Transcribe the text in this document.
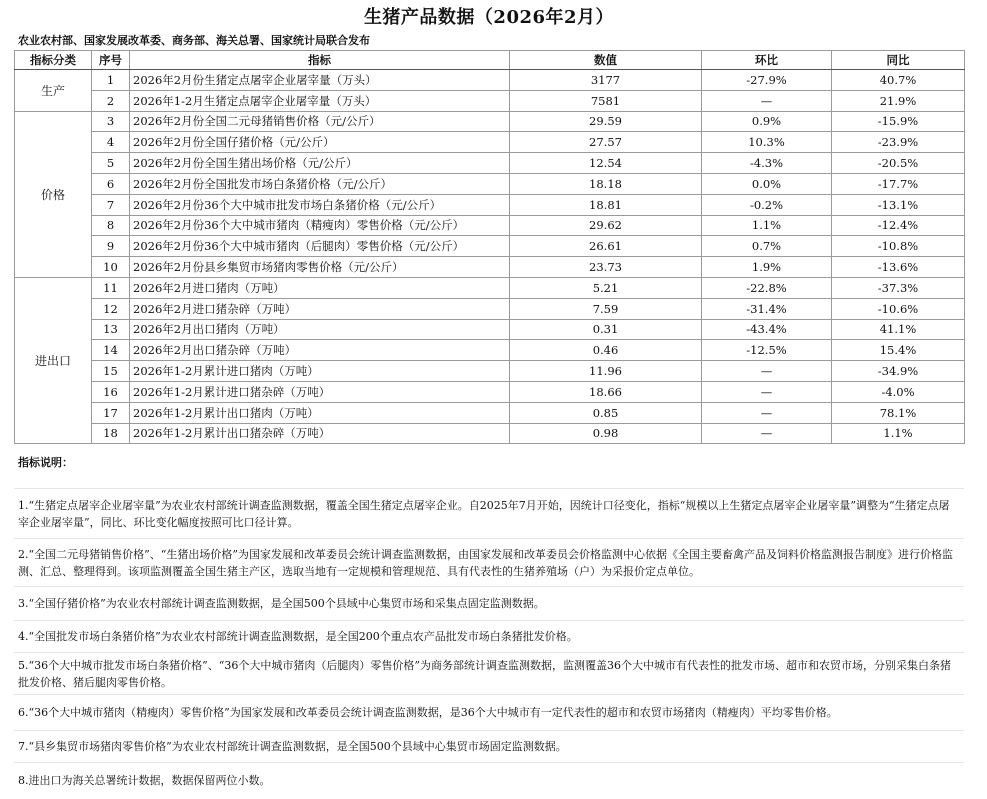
生猪产品数据（2026年2月）
农业农村部、国家发展改革委、商务部、海关总署、国家统计局联合发布
指标分类	序号	指标	数值	环比	同比
生产	1	2026年2月份生猪定点屠宰企业屠宰量（万头）	3177	-27.9%	40.7%
	2	2026年1-2月生猪定点屠宰企业屠宰量（万头）	7581	—	21.9%
价格	3	2026年2月份全国二元母猪销售价格（元/公斤）	29.59	0.9%	-15.9%
	4	2026年2月份全国仔猪价格（元/公斤）	27.57	10.3%	-23.9%
	5	2026年2月份全国生猪出场价格（元/公斤）	12.54	-4.3%	-20.5%
	6	2026年2月份全国批发市场白条猪价格（元/公斤）	18.18	0.0%	-17.7%
	7	2026年2月份36个大中城市批发市场白条猪价格（元/公斤）	18.81	-0.2%	-13.1%
	8	2026年2月份36个大中城市猪肉（精瘦肉）零售价格（元/公斤）	29.62	1.1%	-12.4%
	9	2026年2月份36个大中城市猪肉（后腿肉）零售价格（元/公斤）	26.61	0.7%	-10.8%
	10	2026年2月份县乡集贸市场猪肉零售价格（元/公斤）	23.73	1.9%	-13.6%
进出口	11	2026年2月进口猪肉（万吨）	5.21	-22.8%	-37.3%
	12	2026年2月进口猪杂碎（万吨）	7.59	-31.4%	-10.6%
	13	2026年2月出口猪肉（万吨）	0.31	-43.4%	41.1%
	14	2026年2月出口猪杂碎（万吨）	0.46	-12.5%	15.4%
	15	2026年1-2月累计进口猪肉（万吨）	11.96	—	-34.9%
	16	2026年1-2月累计进口猪杂碎（万吨）	18.66	—	-4.0%
	17	2026年1-2月累计出口猪肉（万吨）	0.85	—	78.1%
	18	2026年1-2月累计出口猪杂碎（万吨）	0.98	—	1.1%
指标说明：
1.“生猪定点屠宰企业屠宰量”为农业农村部统计调查监测数据，覆盖全国生猪定点屠宰企业。自2025年7月开始，因统计口径变化，指标“规模以上生猪定点屠宰企业屠宰量”调整为“生猪定点屠宰企业屠宰量”，同比、环比变化幅度按照可比口径计算。
2.“全国二元母猪销售价格”、“生猪出场价格”为国家发展和改革委员会统计调查监测数据，由国家发展和改革委员会价格监测中心依据《全国主要畜禽产品及饲料价格监测报告制度》进行价格监测、汇总、整理得到。该项监测覆盖全国生猪主产区，选取当地有一定规模和管理规范、具有代表性的生猪养殖场（户）为采报价定点单位。
3.“全国仔猪价格”为农业农村部统计调查监测数据，是全国500个县域中心集贸市场和采集点固定监测数据。
4.“全国批发市场白条猪价格”为农业农村部统计调查监测数据，是全国200个重点农产品批发市场白条猪批发价格。
5.“36个大中城市批发市场白条猪价格”、“36个大中城市猪肉（后腿肉）零售价格”为商务部统计调查监测数据，监测覆盖36个大中城市有代表性的批发市场、超市和农贸市场，分别采集白条猪批发价格、猪后腿肉零售价格。
6.“36个大中城市猪肉（精瘦肉）零售价格”为国家发展和改革委员会统计调查监测数据，是36个大中城市有一定代表性的超市和农贸市场猪肉（精瘦肉）平均零售价格。
7.“县乡集贸市场猪肉零售价格”为农业农村部统计调查监测数据，是全国500个县域中心集贸市场固定监测数据。
8.进出口为海关总署统计数据，数据保留两位小数。
